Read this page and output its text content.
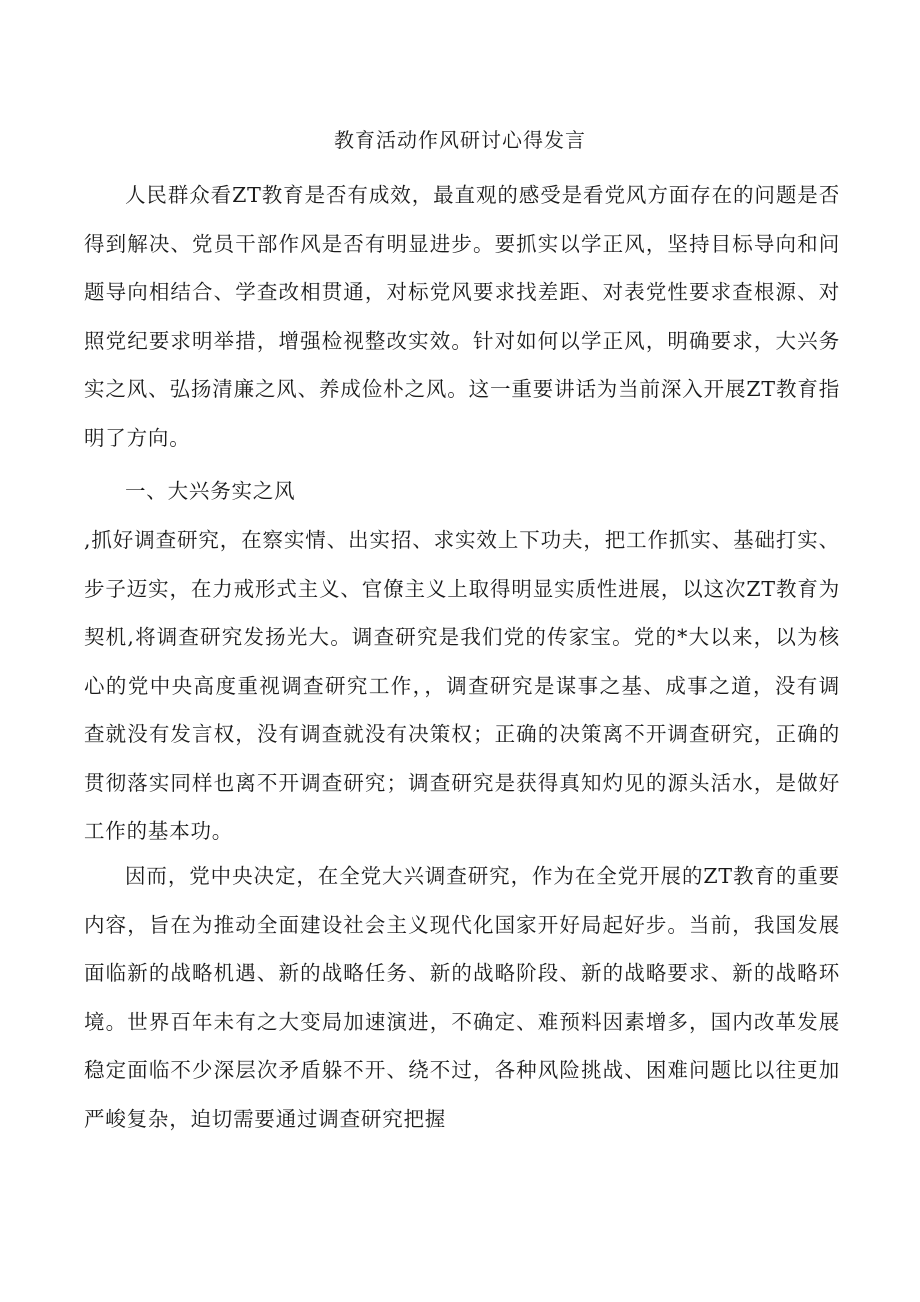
教育活动作风研讨心得发言

人民群众看ZT教育是否有成效，最直观的感受是看党风方面存在的问题是否得到解决、党员干部作风是否有明显进步。要抓实以学正风，坚持目标导向和问题导向相结合、学查改相贯通，对标党风要求找差距、对表党性要求查根源、对照党纪要求明举措，增强检视整改实效。针对如何以学正风，明确要求，大兴务实之风、弘扬清廉之风、养成俭朴之风。这一重要讲话为当前深入开展ZT教育指明了方向。

一、大兴务实之风

,抓好调查研究，在察实情、出实招、求实效上下功夫，把工作抓实、基础打实、步子迈实，在力戒形式主义、官僚主义上取得明显实质性进展，以这次ZT教育为契机,将调查研究发扬光大。调查研究是我们党的传家宝。党的*大以来，以为核心的党中央高度重视调查研究工作，，调查研究是谋事之基、成事之道，没有调查就没有发言权，没有调查就没有决策权；正确的决策离不开调查研究，正确的贯彻落实同样也离不开调查研究；调查研究是获得真知灼见的源头活水，是做好工作的基本功。

因而，党中央决定，在全党大兴调查研究，作为在全党开展的ZT教育的重要内容，旨在为推动全面建设社会主义现代化国家开好局起好步。当前，我国发展面临新的战略机遇、新的战略任务、新的战略阶段、新的战略要求、新的战略环境。世界百年未有之大变局加速演进，不确定、难预料因素增多，国内改革发展稳定面临不少深层次矛盾躲不开、绕不过，各种风险挑战、困难问题比以往更加严峻复杂，迫切需要通过调查研究把握
